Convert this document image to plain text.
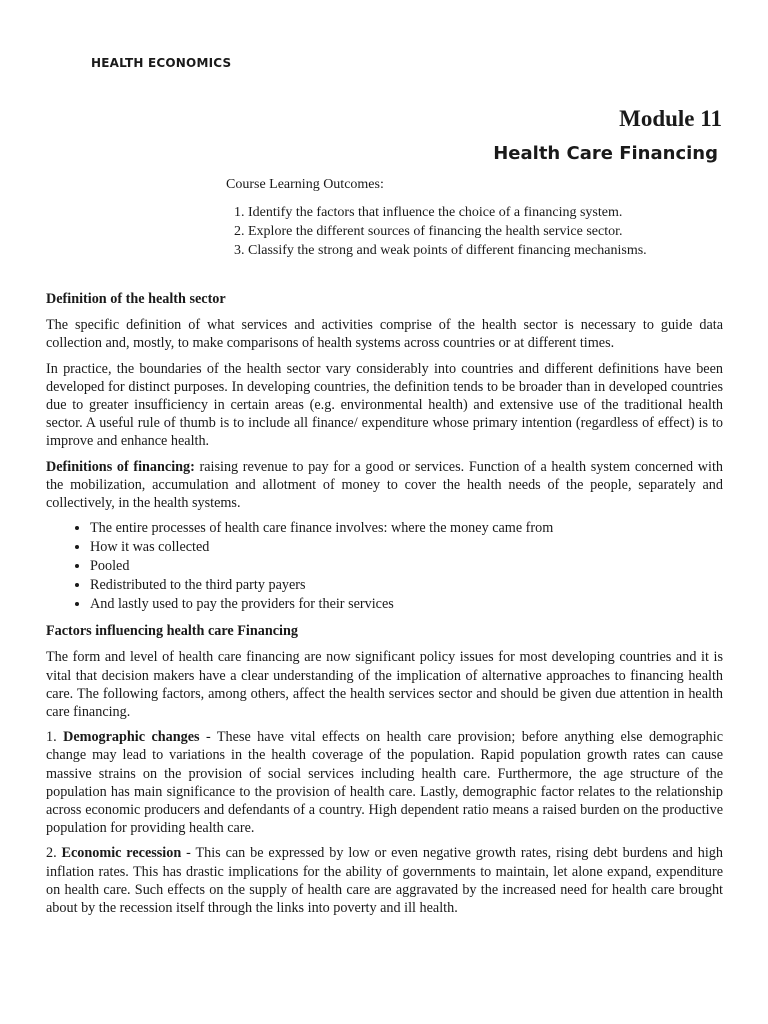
HEALTH ECONOMICS
Module 11
Health Care Financing
Course Learning Outcomes:
1. Identify the factors that influence the choice of a financing system.
2. Explore the different sources of financing the health service sector.
3. Classify the strong and weak points of different financing mechanisms.
Definition of the health sector

The specific definition of what services and activities comprise of the health sector is necessary to guide data collection and, mostly, to make comparisons of health systems across countries or at different times.

In practice, the boundaries of the health sector vary considerably into countries and different definitions have been developed for distinct purposes. In developing countries, the definition tends to be broader than in developed countries due to greater insufficiency in certain areas (e.g. environmental health) and extensive use of the traditional health sector. A useful rule of thumb is to include all finance/ expenditure whose primary intention (regardless of effect) is to improve and enhance health.

Definitions of financing: raising revenue to pay for a good or services. Function of a health system concerned with the mobilization, accumulation and allotment of money to cover the health needs of the people, separately and collectively, in the health systems.

• The entire processes of health care finance involves: where the money came from
• How it was collected
• Pooled
• Redistributed to the third party payers
• And lastly used to pay the providers for their services
Factors influencing health care Financing

The form and level of health care financing are now significant policy issues for most developing countries and it is vital that decision makers have a clear understanding of the implication of alternative approaches to financing health care. The following factors, among others, affect the health services sector and should be given due attention in health care financing.

1. Demographic changes - These have vital effects on health care provision; before anything else demographic change may lead to variations in the health coverage of the population. Rapid population growth rates can cause massive strains on the provision of social services including health care. Furthermore, the age structure of the population has main significance to the provision of health care. Lastly, demographic factor relates to the relationship across economic producers and defendants of a country. High dependent ratio means a raised burden on the productive population for providing health care.

2. Economic recession - This can be expressed by low or even negative growth rates, rising debt burdens and high inflation rates. This has drastic implications for the ability of governments to maintain, let alone expand, expenditure on health care. Such effects on the supply of health care are aggravated by the increased need for health care brought about by the recession itself through the links into poverty and ill health.
